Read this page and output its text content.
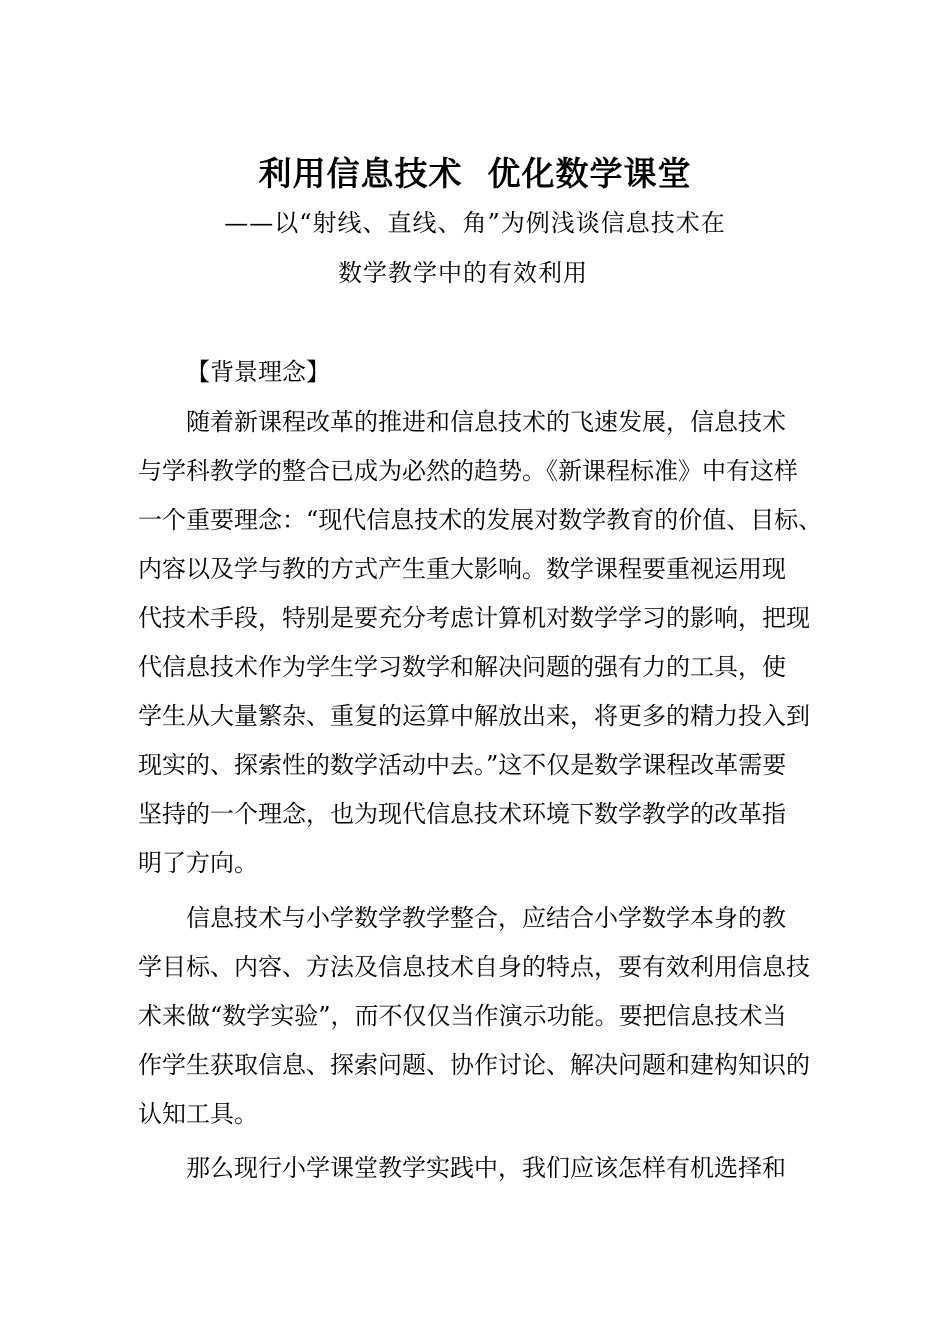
利用信息技术  优化数学课堂
——以“射线、直线、角”为例浅谈信息技术在
数学教学中的有效利用
【背景理念】
随着新课程改革的推进和信息技术的飞速发展，信息技术
与学科教学的整合已成为必然的趋势。《新课程标准》中有这样
一个重要理念：“现代信息技术的发展对数学教育的价值、目标、
内容以及学与教的方式产生重大影响。数学课程要重视运用现
代技术手段，特别是要充分考虑计算机对数学学习的影响，把现
代信息技术作为学生学习数学和解决问题的强有力的工具，使
学生从大量繁杂、重复的运算中解放出来，将更多的精力投入到
现实的、探索性的数学活动中去。”这不仅是数学课程改革需要
坚持的一个理念，也为现代信息技术环境下数学教学的改革指
明了方向。
信息技术与小学数学教学整合，应结合小学数学本身的教
学目标、内容、方法及信息技术自身的特点，要有效利用信息技
术来做“数学实验”，而不仅仅当作演示功能。要把信息技术当
作学生获取信息、探索问题、协作讨论、解决问题和建构知识的
认知工具。
那么现行小学课堂教学实践中，我们应该怎样有机选择和
